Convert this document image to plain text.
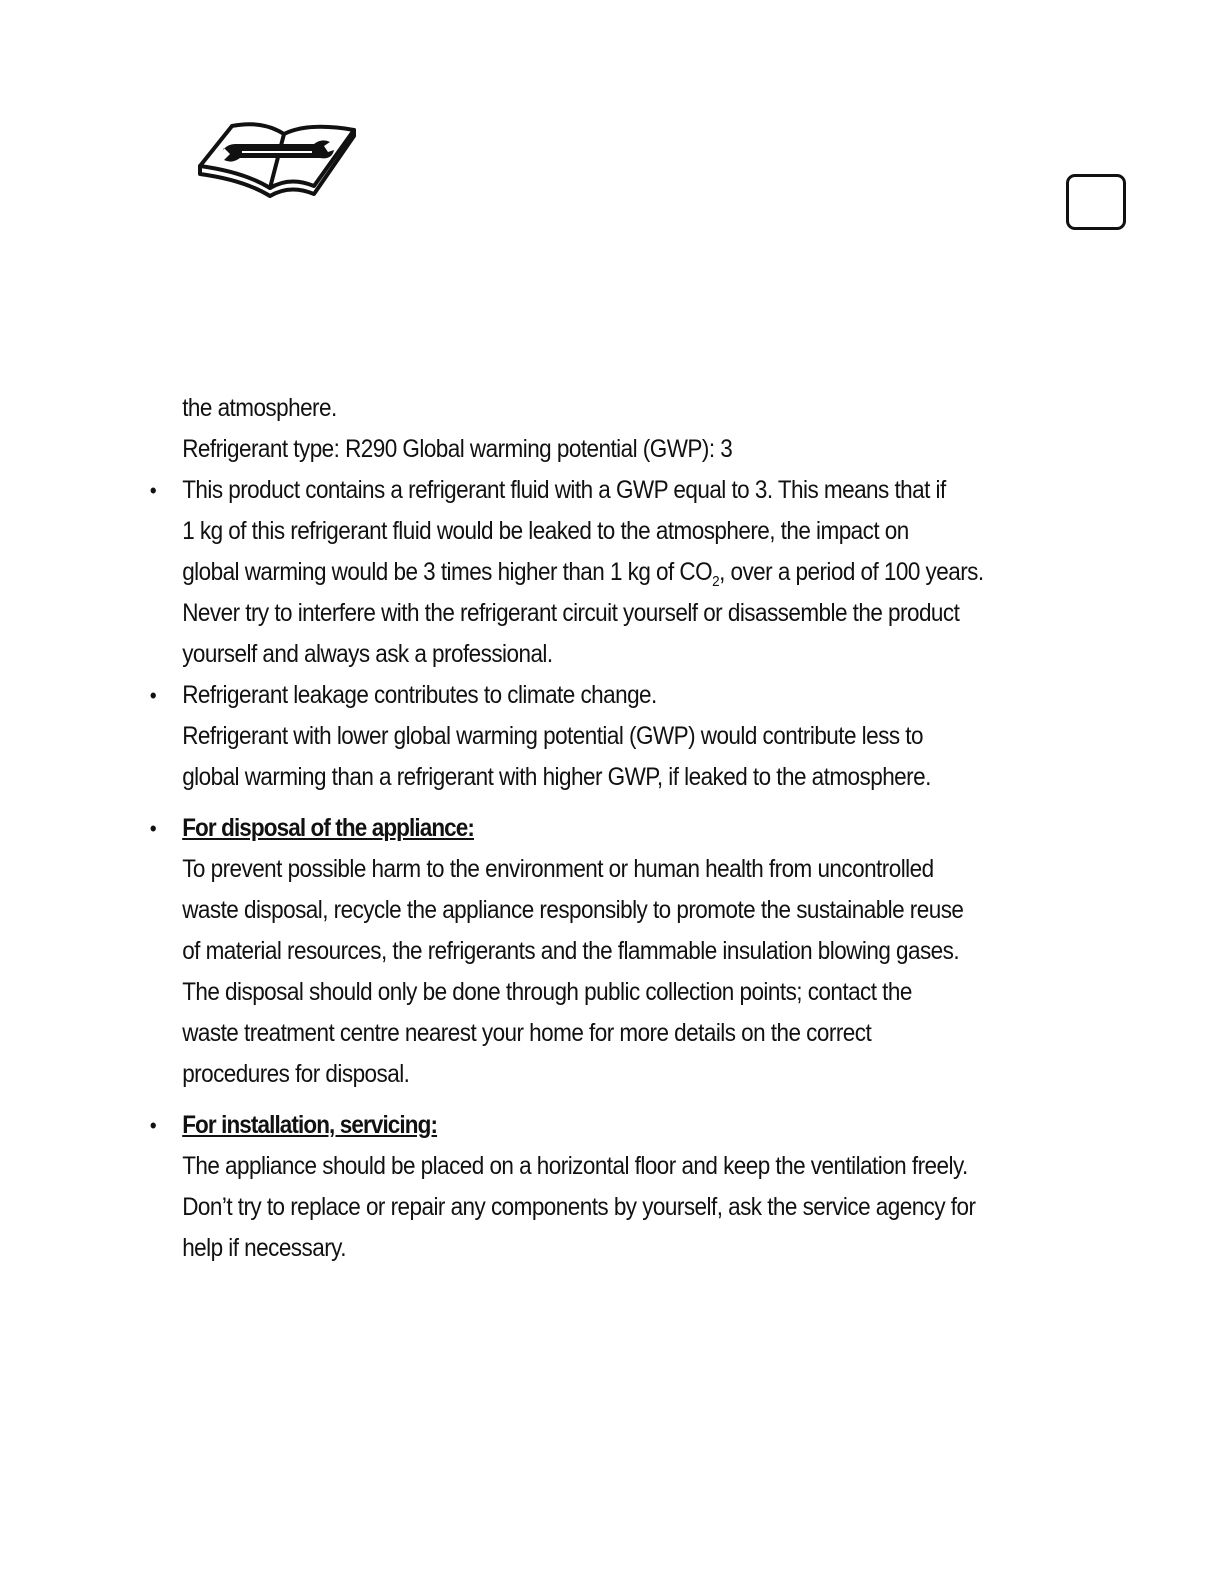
the atmosphere.

Refrigerant type: R290 Global warming potential (GWP): 3

• This product contains a refrigerant fluid with a GWP equal to 3. This means that if

1 kg of this refrigerant fluid would be leaked to the atmosphere, the impact on

global warming would be 3 times higher than 1 kg of $CO_2$, over a period of 100 years.

Never try to interfere with the refrigerant circuit yourself or disassemble the product

yourself and always ask a professional.

• Refrigerant leakage contributes to climate change.

Refrigerant with lower global warming potential (GWP) would contribute less to

global warming than a refrigerant with higher GWP, if leaked to the atmosphere.

• For disposal of the appliance:

To prevent possible harm to the environment or human health from uncontrolled

waste disposal, recycle the appliance responsibly to promote the sustainable reuse

of material resources, the refrigerants and the flammable insulation blowing gases.

The disposal should only be done through public collection points; contact the

waste treatment centre nearest your home for more details on the correct

procedures for disposal.

• For installation, servicing:

The appliance should be placed on a horizontal floor and keep the ventilation freely.

Don’t try to replace or repair any components by yourself, ask the service agency for

help if necessary.
